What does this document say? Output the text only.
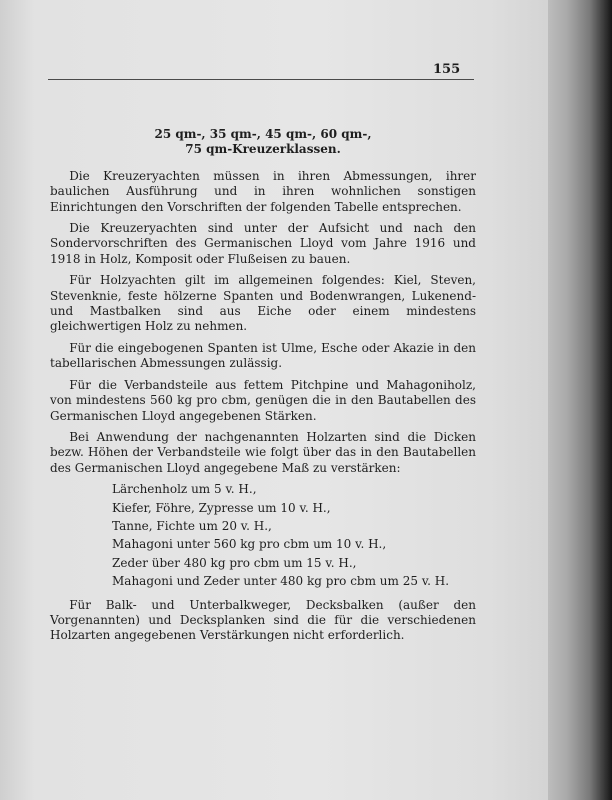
155
25 qm-, 35 qm-, 45 qm-, 60 qm-,
75 qm-Kreuzerklassen.

Die Kreuzeryachten müssen in ihren Abmessungen, ihrer baulichen Ausführung und in ihren wohnlichen sonstigen Einrichtungen den Vorschriften der folgenden Tabelle entsprechen.

Die Kreuzeryachten sind unter der Aufsicht und nach den Sondervorschriften des Germanischen Lloyd vom Jahre 1916 und 1918 in Holz, Komposit oder Flußeisen zu bauen.

Für Holzyachten gilt im allgemeinen folgendes: Kiel, Steven, Stevenknie, feste hölzerne Spanten und Bodenwrangen, Lukenend- und Mastbalken sind aus Eiche oder einem mindestens gleichwertigen Holz zu nehmen.

Für die eingebogenen Spanten ist Ulme, Esche oder Akazie in den tabellarischen Abmessungen zulässig.

Für die Verbandsteile aus fettem Pitchpine und Mahagoniholz, von mindestens 560 kg pro cbm, genügen die in den Bautabellen des Germanischen Lloyd angegebenen Stärken.

Bei Anwendung der nachgenannten Holzarten sind die Dicken bezw. Höhen der Verbandsteile wie folgt über das in den Bautabellen des Germanischen Lloyd angegebene Maß zu verstärken:

Lärchenholz um 5 v. H.,
Kiefer, Föhre, Zypresse um 10 v. H.,
Tanne, Fichte um 20 v. H.,
Mahagoni unter 560 kg pro cbm um 10 v. H.,
Zeder über 480 kg pro cbm um 15 v. H.,
Mahagoni und Zeder unter 480 kg pro cbm um 25 v. H.

Für Balk- und Unterbalkweger, Decksbalken (außer den Vorgenannten) und Decksplanken sind die für die verschiedenen Holzarten angegebenen Verstärkungen nicht erforderlich.
